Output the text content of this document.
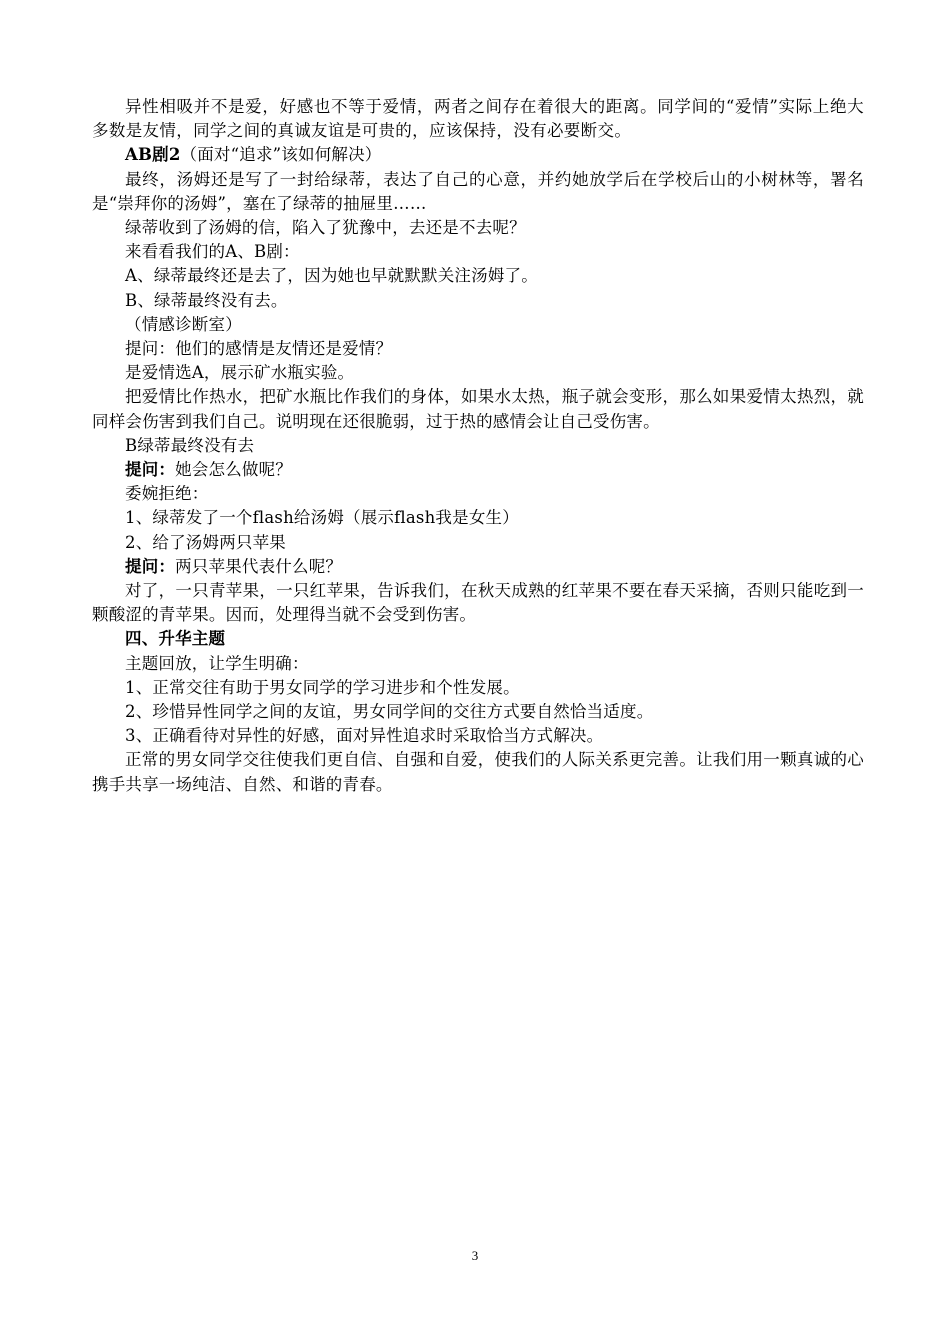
异性相吸并不是爱，好感也不等于爱情，两者之间存在着很大的距离。同学间的“爱情”实际上绝大多数是友情，同学之间的真诚友谊是可贵的，应该保持，没有必要断交。

AB剧2（面对“追求”该如何解决）

最终，汤姆还是写了一封给绿蒂，表达了自己的心意，并约她放学后在学校后山的小树林等，署名是“崇拜你的汤姆”，塞在了绿蒂的抽屉里……

绿蒂收到了汤姆的信，陷入了犹豫中，去还是不去呢？

来看看我们的A、B剧：

A、绿蒂最终还是去了，因为她也早就默默关注汤姆了。

B、绿蒂最终没有去。

（情感诊断室）

提问：他们的感情是友情还是爱情？

是爱情选A，展示矿水瓶实验。

把爱情比作热水，把矿水瓶比作我们的身体，如果水太热，瓶子就会变形，那么如果爱情太热烈，就同样会伤害到我们自己。说明现在还很脆弱，过于热的感情会让自己受伤害。

B绿蒂最终没有去

提问：她会怎么做呢？

委婉拒绝：

1、绿蒂发了一个flash给汤姆（展示flash我是女生）

2、给了汤姆两只苹果

提问：两只苹果代表什么呢？

对了，一只青苹果，一只红苹果，告诉我们，在秋天成熟的红苹果不要在春天采摘，否则只能吃到一颗酸涩的青苹果。因而，处理得当就不会受到伤害。

四、升华主题

主题回放，让学生明确：

1、正常交往有助于男女同学的学习进步和个性发展。

2、珍惜异性同学之间的友谊，男女同学间的交往方式要自然恰当适度。

3、正确看待对异性的好感，面对异性追求时采取恰当方式解决。

正常的男女同学交往使我们更自信、自强和自爱，使我们的人际关系更完善。让我们用一颗真诚的心携手共享一场纯洁、自然、和谐的青春。

3
